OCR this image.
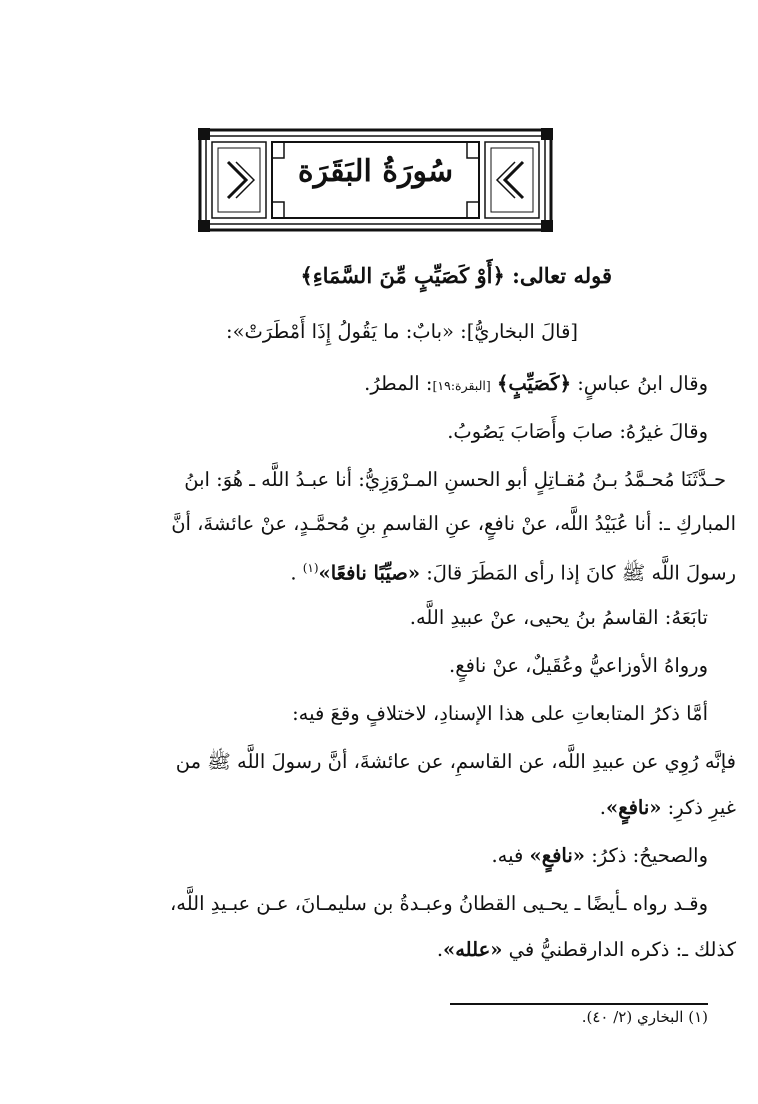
سُورَةُ البَقَرَة
قوله تعالى: ﴿أَوْ كَصَيِّبٍ مِّنَ السَّمَاءِ﴾
[قالَ البخاريُّ]: «بابٌ: ما يَقُولُ إِذَا أَمْطَرَتْ»:
وقال ابنُ عباسٍ: ﴿كَصَيِّبٍ﴾ [البقرة:١٩]: المطرُ.
وقالَ غيرُهُ: صابَ وأَصَابَ يَصُوبُ.
حـدَّثَنَا مُحـمَّدُ بـنُ مُقـاتِلٍ أبو الحسنِ المـرْوَزِيُّ: أنا عبـدُ اللَّه ـ هُوَ: ابنُ
المباركِ ـ: أنا عُبَيْدُ اللَّه، عنْ نافعٍ، عنِ القاسمِ بنِ مُحمَّـدٍ، عنْ عائشةَ، أنَّ
رسولَ اللَّه ﷺ كانَ إذا رأى المَطَرَ قالَ: «صيِّبًا نافعًا»$^{(١)}$ .
تابَعَهُ: القاسمُ بنُ يحيى، عنْ عبيدِ اللَّه.
ورواهُ الأوزاعيُّ وعُقَيلٌ، عنْ نافعٍ.
أمَّا ذكرُ المتابعاتِ على هذا الإسنادِ، لاختلافٍ وقعَ فيه:
فإنَّه رُوِي عن عبيدِ اللَّه، عن القاسمِ، عن عائشةَ، أنَّ رسولَ اللَّه ﷺ من
غيرِ ذكرِ: «نافعٍ».
والصحيحُ: ذكرُ: «نافعٍ» فيه.
وقـد رواه ـأيضًا ـ يحـيى القطانُ وعبـدةُ بن سليمـانَ، عـن عبـيدِ اللَّه،
كذلك ـ: ذكره الدارقطنيُّ في «علله».
(١) البخاري (٢/ ٤٠).
